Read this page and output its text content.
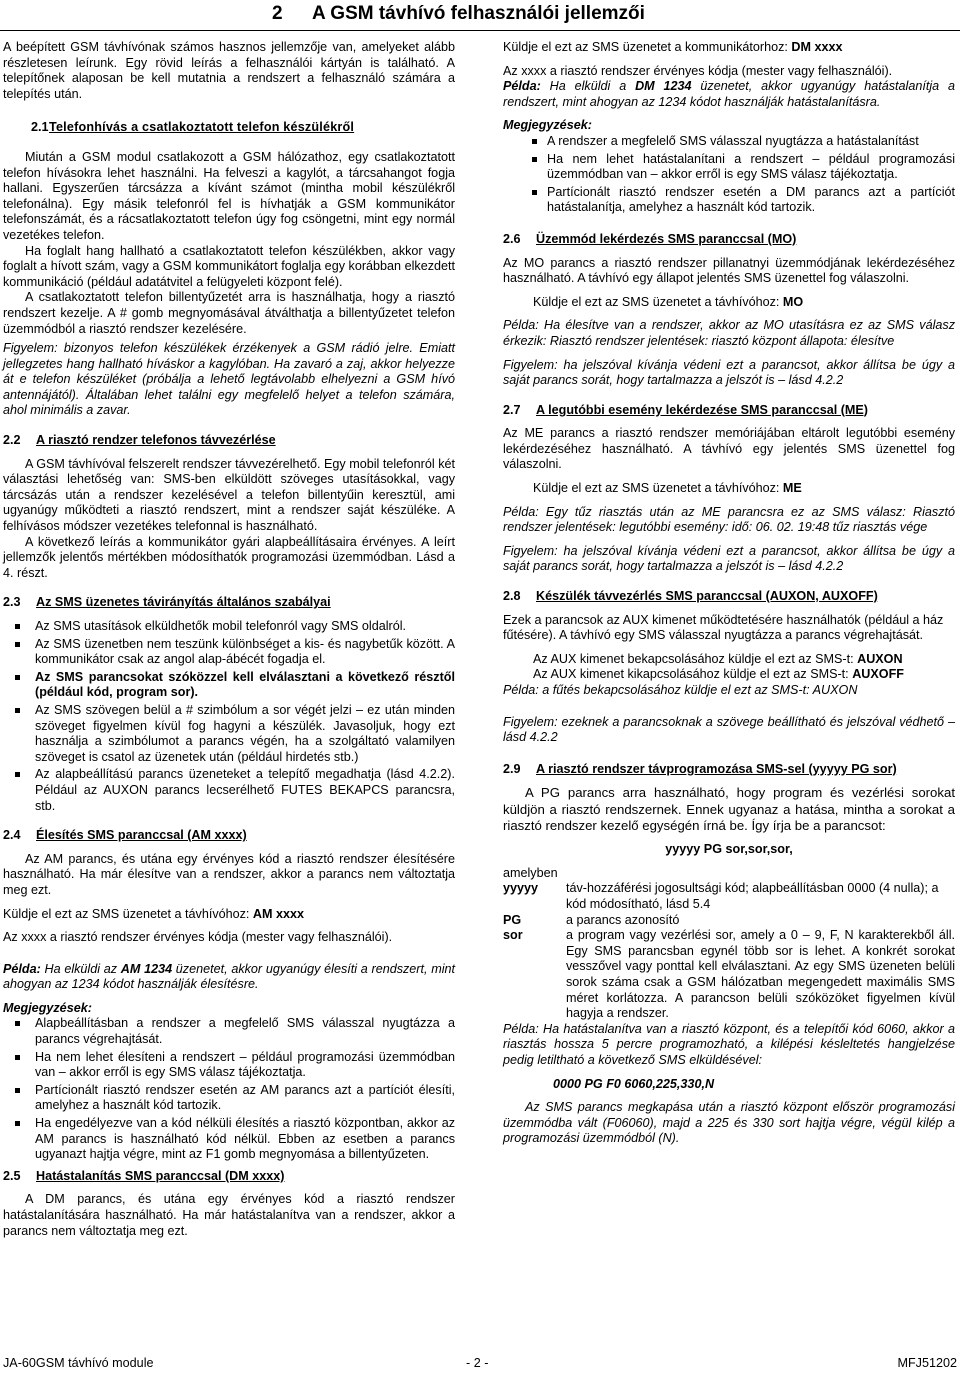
2 A GSM távhívó felhasználói jellemzői

A beépített GSM távhívónak számos hasznos jellemzője van, amelyeket alább részletesen leírunk. Egy rövid leírás a felhasználói kártyán is található. A telepítőnek alaposan be kell mutatnia a rendszert a felhasználó számára a telepítés után.

2.1Telefonhívás a csatlakoztatott telefon készülékről

Miután a GSM modul csatlakozott a GSM hálózathoz, egy csatlakoztatott telefon hívásokra lehet használni. Ha felveszi a kagylót, a tárcsahangot fogja hallani. Egyszerűen tárcsázza a kívánt számot (mintha mobil készülékről telefonálna). Egy másik telefonról fel is hívhatják a GSM kommunikátor telefonszámát, és a rácsatlakoztatott telefon úgy fog csöngetni, mint egy normál vezetékes telefon.

Ha foglalt hang hallható a csatlakoztatott telefon készülékben, akkor vagy foglalt a hívott szám, vagy a GSM kommunikátort foglalja egy korábban elkezdett kommunikáció (például adatátvitel a felügyeleti központ felé).

A csatlakoztatott telefon billentyűzetét arra is használhatja, hogy a riasztó rendszert kezelje. A # gomb megnyomásával átválthatja a billentyűzetet telefon üzemmódból a riasztó rendszer kezelésére.

Figyelem: bizonyos telefon készülékek érzékenyek a GSM rádió jelre. Emiatt jellegzetes hang hallható híváskor a kagylóban. Ha zavaró a zaj, akkor helyezze át e telefon készüléket (próbálja a lehető legtávolabb elhelyezni a GSM hívó antennájától). Általában lehet találni egy megfelelő helyet a telefon számára, ahol minimális a zavar.

2.2 A riasztó rendzer telefonos távvezérlése

A GSM távhívóval felszerelt rendszer távvezérelhető. Egy mobil telefonról két választási lehetőség van: SMS-ben elküldött szöveges utasításokkal, vagy tárcsázás után a rendszer kezelésével a telefon billentyűin keresztül, ami ugyanúgy működteti a riasztó rendszert, mint a rendszer saját készüléke. A felhívásos módszer vezetékes telefonnal is használható.

A következő leírás a kommunikátor gyári alapbeállításaira érvényes. A leírt jellemzők jelentős mértékben módosíthatók programozási üzemmódban. Lásd a 4. részt.

2.3 Az SMS üzenetes távirányítás általános szabályai
Az SMS utasítások elküldhetők mobil telefonról vagy SMS oldalról.
Az SMS üzenetben nem teszünk különbséget a kis- és nagybetűk között. A kommunikátor csak az angol alap-ábécét fogadja el.
Az SMS parancsokat szóközzel kell elválasztani a következő résztől (például kód, program sor).
Az SMS szövegen belül a # szimbólum a sor végét jelzi – ez után minden szöveget figyelmen kívül fog hagyni a készülék. Javasoljuk, hogy ezt használja a szimbólumot a parancs végén, ha a szolgáltató valamilyen szöveget is csatol az üzenetek után (például hirdetés stb.)
Az alapbeállítású parancs üzeneteket a telepítő megadhatja (lásd 4.2.2). Például az AUXON parancs lecserélhető FUTES BEKAPCS parancsra, stb.
2.4 Élesítés SMS paranccsal (AM xxxx)

Az AM parancs, és utána egy érvényes kód a riasztó rendszer élesítésére használható. Ha már élesítve van a rendszer, akkor a parancs nem változtatja meg ezt.

Küldje el ezt az SMS üzenetet a távhívóhoz: AM xxxx

Az xxxx a riasztó rendszer érvényes kódja (mester vagy felhasználói).

Példa: Ha elküldi az AM 1234 üzenetet, akkor ugyanúgy élesíti a rendszert, mint ahogyan az 1234 kódot használják élesítésre.

Megjegyzések:

Alapbeállításban a rendszer a megfelelő SMS válasszal nyugtázza a parancs végrehajtását.
Ha nem lehet élesíteni a rendszert – például programozási üzemmódban van – akkor erről is egy SMS válasz tájékoztatja.
Partícionált riasztó rendszer esetén az AM parancs azt a partíciót élesíti, amelyhez a használt kód tartozik.
Ha engedélyezve van a kód nélküli élesítés a riasztó központban, akkor az AM parancs is használható kód nélkül. Ebben az esetben a parancs ugyanazt hajtja végre, mint az F1 gomb megnyomása a billentyűzeten.
2.5 Hatástalanítás SMS paranccsal (DM xxxx)

A DM parancs, és utána egy érvényes kód a riasztó rendszer hatástalanítására használható. Ha már hatástalanítva van a rendszer, akkor a parancs nem változtatja meg ezt.

Küldje el ezt az SMS üzenetet a kommunikátorhoz: DM xxxx

Az xxxx a riasztó rendszer érvényes kódja (mester vagy felhasználói).

Példa: Ha elküldi a DM 1234 üzenetet, akkor ugyanúgy hatástalanítja a rendszert, mint ahogyan az 1234 kódot használják hatástalanításra.

Megjegyzések:

A rendszer a megfelelő SMS válasszal nyugtázza a hatástalanítást
Ha nem lehet hatástalanítani a rendszert – például programozási üzemmódban van – akkor erről is egy SMS válasz tájékoztatja.
Partícionált riasztó rendszer esetén a DM parancs azt a partíciót hatástalanítja, amelyhez a használt kód tartozik.
2.6 Üzemmód lekérdezés SMS paranccsal (MO)

Az MO parancs a riasztó rendszer pillanatnyi üzemmódjának lekérdezéséhez használható. A távhívó egy állapot jelentés SMS üzenettel fog válaszolni.

Küldje el ezt az SMS üzenetet a távhívóhoz: MO

Példa: Ha élesítve van a rendszer, akkor az MO utasításra ez az SMS válasz érkezik: Riasztó rendszer jelentések: riasztó központ állapota: élesítve

Figyelem: ha jelszóval kívánja védeni ezt a parancsot, akkor állítsa be úgy a saját parancs sorát, hogy tartalmazza a jelszót is – lásd 4.2.2

2.7 A legutóbbi esemény lekérdezése SMS paranccsal (ME)

Az ME parancs a riasztó rendszer memóriájában eltárolt legutóbbi esemény lekérdezéséhez használható. A távhívó egy jelentés SMS üzenettel fog válaszolni.

Küldje el ezt az SMS üzenetet a távhívóhoz: ME

Példa: Egy tűz riasztás után az ME parancsra ez az SMS válasz: Riasztó rendszer jelentések: legutóbbi esemény: idő: 06. 02. 19:48 tűz riasztás vége

Figyelem: ha jelszóval kívánja védeni ezt a parancsot, akkor állítsa be úgy a saját parancs sorát, hogy tartalmazza a jelszót is – lásd 4.2.2

2.8 Készülék távvezérlés SMS paranccsal (AUXON, AUXOFF)

Ezek a parancsok az AUX kimenet működtetésére használhatók (például a ház fűtésére). A távhívó egy SMS válasszal nyugtázza a parancs végrehajtását.

Az AUX kimenet bekapcsolásához küldje el ezt az SMS-t: AUXON

Az AUX kimenet kikapcsolásához küldje el ezt az SMS-t: AUXOFF

Példa: a fűtés bekapcsolásához küldje el ezt az SMS-t: AUXON

Figyelem: ezeknek a parancsoknak a szövege beállítható és jelszóval védhető – lásd 4.2.2

2.9 A riasztó rendszer távprogramozása SMS-sel (yyyyy PG sor)

A PG parancs arra használható, hogy program és vezérlési sorokat küldjön a riasztó rendszernek. Ennek ugyanaz a hatása, mintha a sorokat a riasztó rendszer kezelő egységén írná be. Így írja be a parancsot:

yyyyy PG sor,sor,sor,

amelyben

yyyyy	táv-hozzáférési jogosultsági kód; alapbeállításban 0000 (4 nulla); a kód módosítható, lásd 5.4
PG	a parancs azonosító
sor	a program vagy vezérlési sor, amely a 0 – 9, F, N karakterekből áll. Egy SMS parancsban egynél több sor is lehet. A konkrét sorokat vesszővel vagy ponttal kell elválasztani. Az egy SMS üzeneten belüli sorok száma csak a GSM hálózatban megengedett maximális SMS méret korlátozza. A parancson belüli szóközöket figyelmen kívül hagyja a rendszer.

Példa: Ha hatástalanítva van a riasztó központ, és a telepítői kód 6060, akkor a riasztás hossza 5 percre programozható, a kilépési késleltetés hangjelzése pedig letiltható a következő SMS elküldésével:

0000 PG F0 6060,225,330,N

Az SMS parancs megkapása után a riasztó központ először programozási üzemmódba vált (F06060), majd a 225 és 330 sort hajtja végre, végül kilép a programozási üzemmódból (N).

JA-60GSM távhívó module	- 2 -	MFJ51202
